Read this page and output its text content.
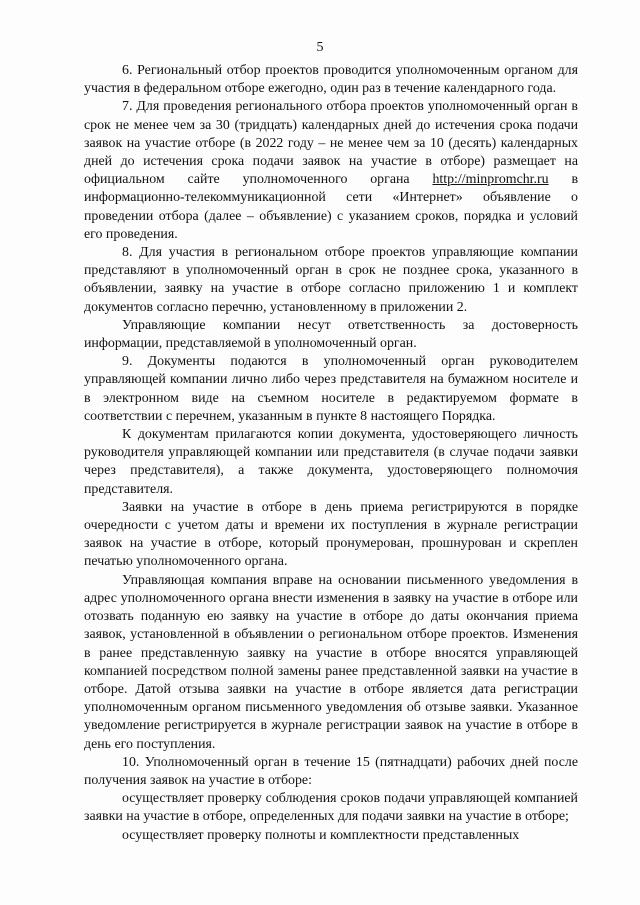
5

6. Региональный отбор проектов проводится уполномоченным органом для участия в федеральном отборе ежегодно, один раз в течение календарного года.

7. Для проведения регионального отбора проектов уполномоченный орган в срок не менее чем за 30 (тридцать) календарных дней до истечения срока подачи заявок на участие отборе (в 2022 году – не менее чем за 10 (десять) календарных дней до истечения срока подачи заявок на участие в отборе) размещает на официальном сайте уполномоченного органа http://minpromchr.ru в информационно-телекоммуникационной сети «Интернет» объявление о проведении отбора (далее – объявление) с указанием сроков, порядка и условий его проведения.

8. Для участия в региональном отборе проектов управляющие компании представляют в уполномоченный орган в срок не позднее срока, указанного в объявлении, заявку на участие в отборе согласно приложению 1 и комплект документов согласно перечню, установленному в приложении 2.

Управляющие компании несут ответственность за достоверность информации, представляемой в уполномоченный орган.

9. Документы подаются в уполномоченный орган руководителем управляющей компании лично либо через представителя на бумажном носителе и в электронном виде на съемном носителе в редактируемом формате в соответствии с перечнем, указанным в пункте 8 настоящего Порядка.

К документам прилагаются копии документа, удостоверяющего личность руководителя управляющей компании или представителя (в случае подачи заявки через представителя), а также документа, удостоверяющего полномочия представителя.

Заявки на участие в отборе в день приема регистрируются в порядке очередности с учетом даты и времени их поступления в журнале регистрации заявок на участие в отборе, который пронумерован, прошнурован и скреплен печатью уполномоченного органа.

Управляющая компания вправе на основании письменного уведомления в адрес уполномоченного органа внести изменения в заявку на участие в отборе или отозвать поданную ею заявку на участие в отборе до даты окончания приема заявок, установленной в объявлении о региональном отборе проектов. Изменения в ранее представленную заявку на участие в отборе вносятся управляющей компанией посредством полной замены ранее представленной заявки на участие в отборе. Датой отзыва заявки на участие в отборе является дата регистрации уполномоченным органом письменного уведомления об отзыве заявки. Указанное уведомление регистрируется в журнале регистрации заявок на участие в отборе в день его поступления.

10. Уполномоченный орган в течение 15 (пятнадцати) рабочих дней после получения заявок на участие в отборе:

осуществляет проверку соблюдения сроков подачи управляющей компанией заявки на участие в отборе, определенных для подачи заявки на участие в отборе;

осуществляет проверку полноты и комплектности представленных
